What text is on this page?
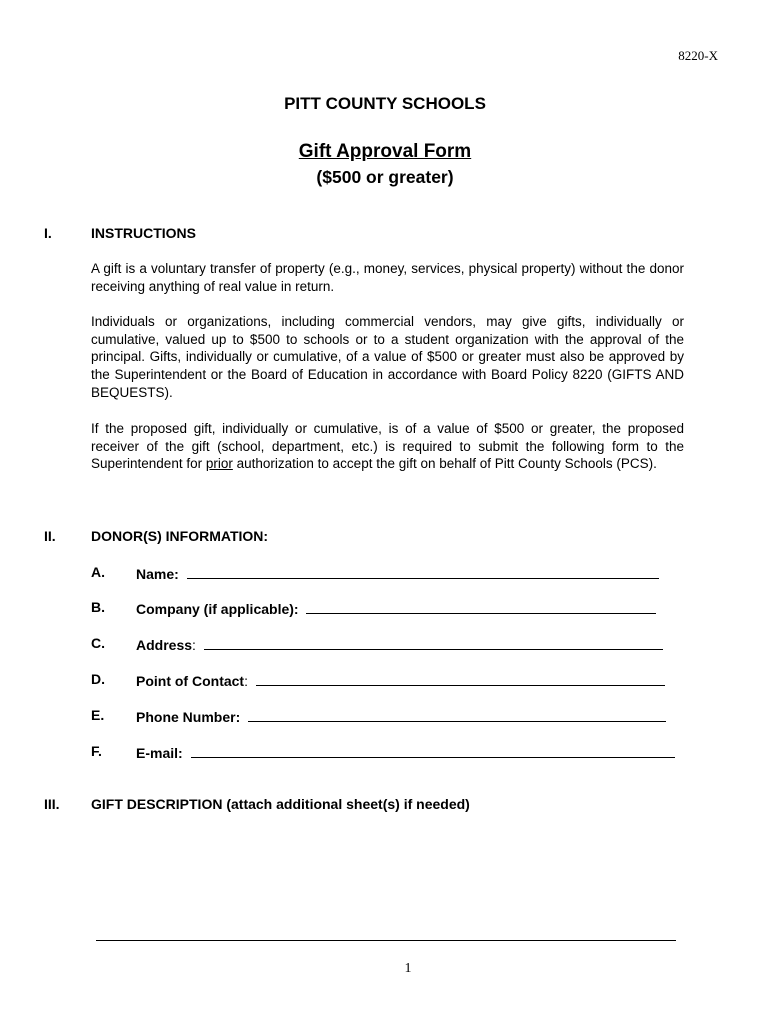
8220-X
PITT COUNTY SCHOOLS
Gift Approval Form
($500 or greater)
I.	INSTRUCTIONS
A gift is a voluntary transfer of property (e.g., money, services, physical property) without the donor receiving anything of real value in return.
Individuals or organizations, including commercial vendors, may give gifts, individually or cumulative, valued up to $500 to schools or to a student organization with the approval of the principal. Gifts, individually or cumulative, of a value of $500 or greater must also be approved by the Superintendent or the Board of Education in accordance with Board Policy 8220 (GIFTS AND BEQUESTS).
If the proposed gift, individually or cumulative, is of a value of $500 or greater, the proposed receiver of the gift (school, department, etc.) is required to submit the following form to the Superintendent for prior authorization to accept the gift on behalf of Pitt County Schools (PCS).
II.	DONOR(S) INFORMATION:
A. Name:
B. Company (if applicable):
C. Address:
D. Point of Contact:
E. Phone Number:
F. E-mail:
III. GIFT DESCRIPTION (attach additional sheet(s) if needed)
1
